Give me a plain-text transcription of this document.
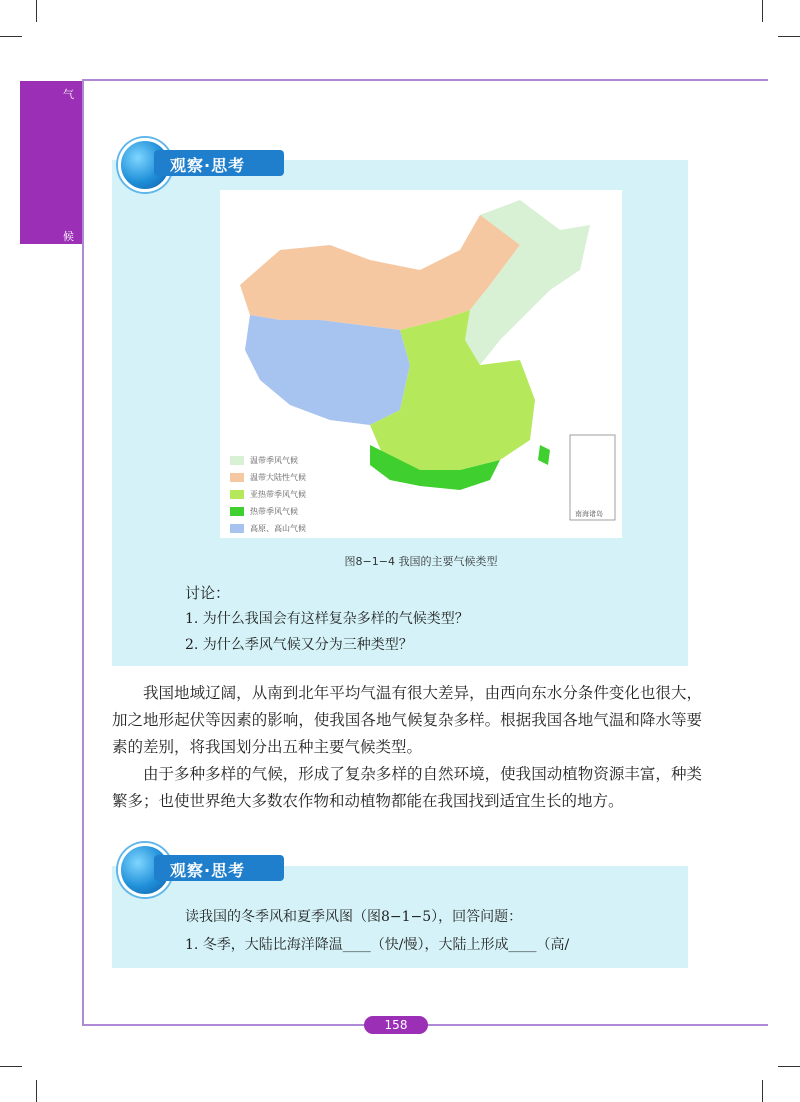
气
候
观察·思考
南海诸岛
温带季风气候
温带大陆性气候
亚热带季风气候
热带季风气候
高原、高山气候
图8−1−4 我国的主要气候类型
讨论：
1. 为什么我国会有这样复杂多样的气候类型？
2. 为什么季风气候又分为三种类型？
我国地域辽阔，从南到北年平均气温有很大差异，由西向东水分条件变化也很大，加之地形起伏等因素的影响，使我国各地气候复杂多样。根据我国各地气温和降水等要素的差别，将我国划分出五种主要气候类型。
由于多种多样的气候，形成了复杂多样的自然环境，使我国动植物资源丰富，种类繁多；也使世界绝大多数农作物和动植物都能在我国找到适宜生长的地方。
观察·思考
读我国的冬季风和夏季风图（图8−1−5），回答问题：
1. 冬季，大陆比海洋降温____（快/慢），大陆上形成____（高/
158
